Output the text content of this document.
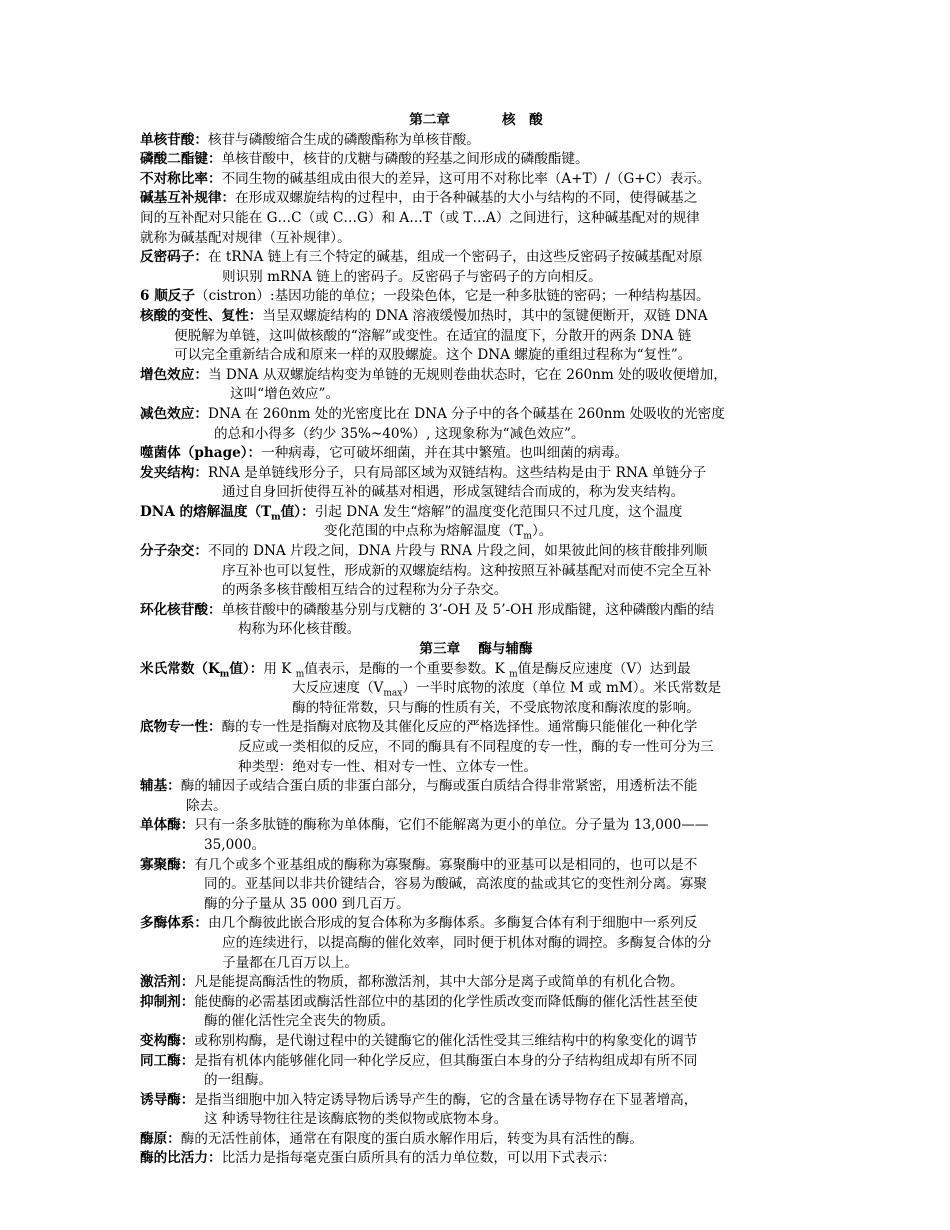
第二章	核　酸

单核苷酸：核苷与磷酸缩合生成的磷酸酯称为单核苷酸。

磷酸二酯键：单核苷酸中，核苷的戊糖与磷酸的羟基之间形成的磷酸酯键。

不对称比率：不同生物的碱基组成由很大的差异，这可用不对称比率（A+T）/（G+C）表示。

碱基互补规律：在形成双螺旋结构的过程中，由于各种碱基的大小与结构的不同，使得碱基之
间的互补配对只能在 G…C（或 C…G）和 A…T（或 T…A）之间进行，这种碱基配对的规律
就称为碱基配对规律（互补规律）。

反密码子：在 tRNA 链上有三个特定的碱基，组成一个密码子，由这些反密码子按碱基配对原
则识别 mRNA 链上的密码子。反密码子与密码子的方向相反。

6 顺反子（cistron）:基因功能的单位；一段染色体，它是一种多肽链的密码；一种结构基因。

核酸的变性、复性：当呈双螺旋结构的 DNA 溶液缓慢加热时，其中的氢键便断开，双链 DNA
便脱解为单链，这叫做核酸的“溶解”或变性。在适宜的温度下，分散开的两条 DNA 链
可以完全重新结合成和原来一样的双股螺旋。这个 DNA 螺旋的重组过程称为“复性”。

增色效应：当 DNA 从双螺旋结构变为单链的无规则卷曲状态时，它在 260nm 处的吸收便增加，
这叫“增色效应”。

减色效应：DNA 在 260nm 处的光密度比在 DNA 分子中的各个碱基在 260nm 处吸收的光密度
的总和小得多（约少 35%~40%）, 这现象称为“减色效应”。

噬菌体（phage）：一种病毒，它可破坏细菌，并在其中繁殖。也叫细菌的病毒。

发夹结构：RNA 是单链线形分子，只有局部区域为双链结构。这些结构是由于 RNA 单链分子
通过自身回折使得互补的碱基对相遇，形成氢键结合而成的，称为发夹结构。

DNA 的熔解温度（$T_m$值）：引起 DNA 发生“熔解”的温度变化范围只不过几度，这个温度
变化范围的中点称为熔解温度$(T_m)$。

分子杂交：不同的 DNA 片段之间，DNA 片段与 RNA 片段之间，如果彼此间的核苷酸排列顺
序互补也可以复性，形成新的双螺旋结构。这种按照互补碱基配对而使不完全互补
的两条多核苷酸相互结合的过程称为分子杂交。

环化核苷酸：单核苷酸中的磷酸基分别与戊糖的 3’-OH 及 5’-OH 形成酯键，这种磷酸内酯的结
构称为环化核苷酸。

第三章 酶与辅酶

米氏常数（$K_m$值）：用 K $_m$值表示，是酶的一个重要参数。K $_m$值是酶反应速度（V）达到最
大反应速度$(V_{max})$一半时底物的浓度（单位 M 或 mM）。米氏常数是
酶的特征常数，只与酶的性质有关，不受底物浓度和酶浓度的影响。

底物专一性：酶的专一性是指酶对底物及其催化反应的严格选择性。通常酶只能催化一种化学
反应或一类相似的反应，不同的酶具有不同程度的专一性，酶的专一性可分为三
种类型：绝对专一性、相对专一性、立体专一性。

辅基：酶的辅因子或结合蛋白质的非蛋白部分，与酶或蛋白质结合得非常紧密，用透析法不能
除去。

单体酶：只有一条多肽链的酶称为单体酶，它们不能解离为更小的单位。分子量为 13,000——
35,000。

寡聚酶：有几个或多个亚基组成的酶称为寡聚酶。寡聚酶中的亚基可以是相同的，也可以是不
同的。亚基间以非共价键结合，容易为酸碱，高浓度的盐或其它的变性剂分离。寡聚
酶的分子量从 35 000 到几百万。

多酶体系：由几个酶彼此嵌合形成的复合体称为多酶体系。多酶复合体有利于细胞中一系列反
应的连续进行，以提高酶的催化效率，同时便于机体对酶的调控。多酶复合体的分
子量都在几百万以上。

激活剂：凡是能提高酶活性的物质，都称激活剂，其中大部分是离子或简单的有机化合物。

抑制剂：能使酶的必需基团或酶活性部位中的基团的化学性质改变而降低酶的催化活性甚至使
酶的催化活性完全丧失的物质。

变构酶：或称别构酶，是代谢过程中的关键酶它的催化活性受其三维结构中的构象变化的调节

同工酶：是指有机体内能够催化同一种化学反应，但其酶蛋白本身的分子结构组成却有所不同
的一组酶。

诱导酶：是指当细胞中加入特定诱导物后诱导产生的酶，它的含量在诱导物存在下显著增高，
这 种诱导物往往是该酶底物的类似物或底物本身。

酶原：酶的无活性前体，通常在有限度的蛋白质水解作用后，转变为具有活性的酶。

酶的比活力：比活力是指每毫克蛋白质所具有的活力单位数，可以用下式表示：
